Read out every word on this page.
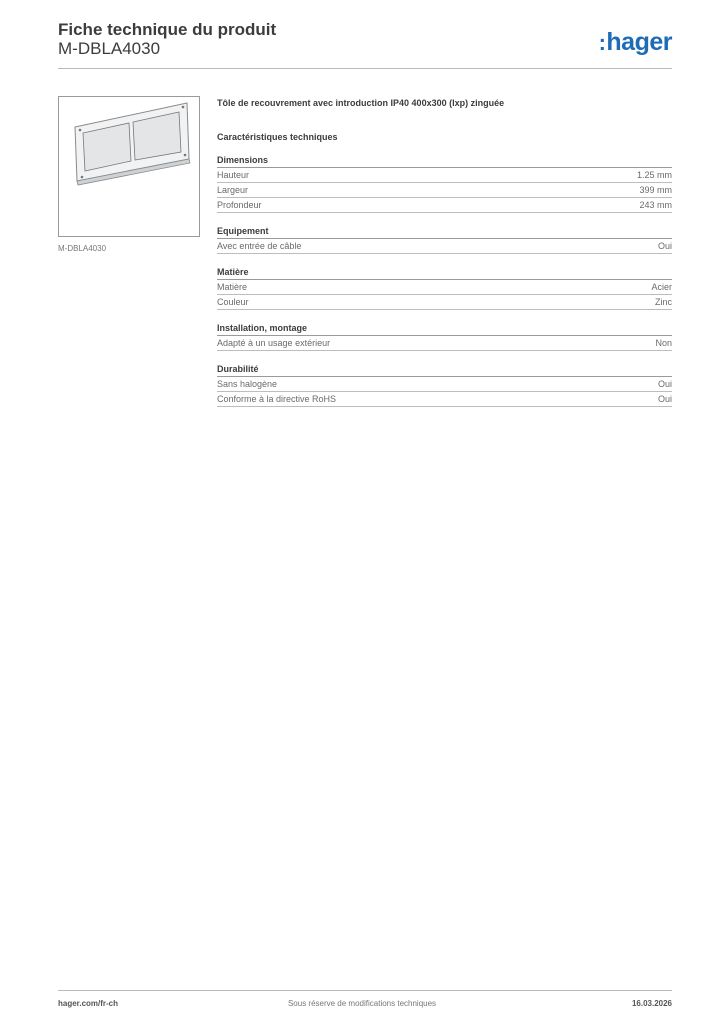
Fiche technique du produit
M-DBLA4030	:hager
M-DBLA4030
Tôle de recouvrement avec introduction IP40 400x300 (lxp) zinguée
Caractéristiques techniques
Dimensions
Hauteur	1.25 mm
Largeur	399 mm
Profondeur	243 mm
Equipement
Avec entrée de câble	Oui
Matière
Matière	Acier
Couleur	Zinc
Installation, montage
Adapté à un usage extérieur	Non
Durabilité
Sans halogène	Oui
Conforme à la directive RoHS	Oui
hager.com/fr-ch	Sous réserve de modifications techniques	16.03.2026
